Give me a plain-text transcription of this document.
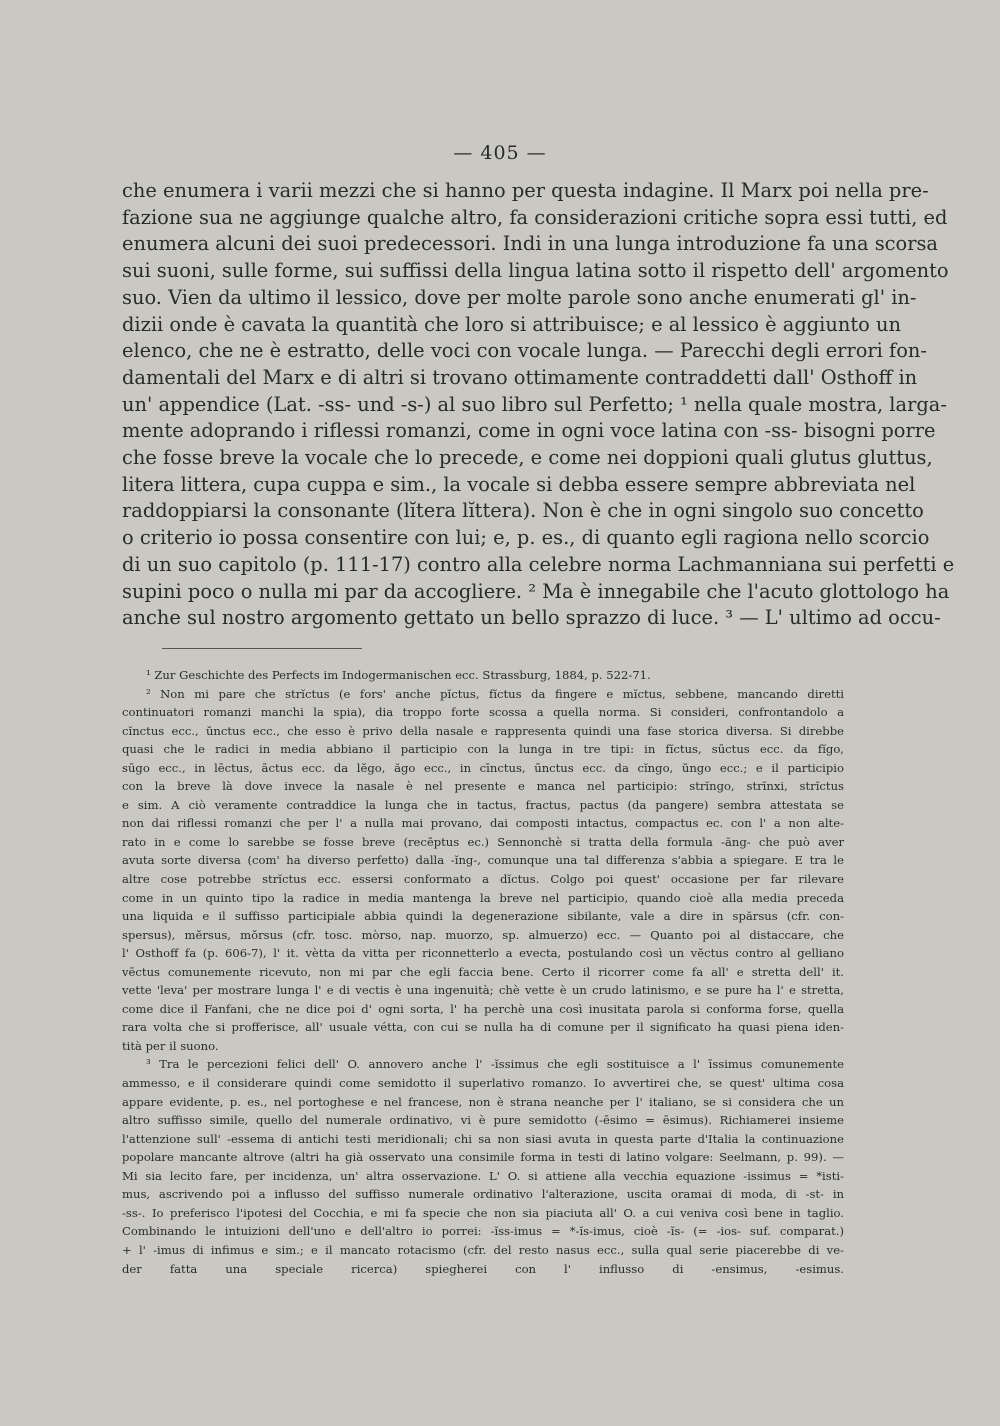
— 405 —
che enumera i varii mezzi che si hanno per questa indagine. Il Marx poi nella pre-
fazione sua ne aggiunge qualche altro, fa considerazioni critiche sopra essi tutti, ed
enumera alcuni dei suoi predecessori. Indi in una lunga introduzione fa una scorsa
sui suoni, sulle forme, sui suffissi della lingua latina sotto il rispetto dell' argomento
suo. Vien da ultimo il lessico, dove per molte parole sono anche enumerati gl' in-
dizii onde è cavata la quantità che loro si attribuisce; e al lessico è aggiunto un
elenco, che ne è estratto, delle voci con vocale lunga. — Parecchi degli errori fon-
damentali del Marx e di altri si trovano ottimamente contraddetti dall' Osthoff in
un' appendice (Lat. -ss- und -s-) al suo libro sul Perfetto; ¹ nella quale mostra, larga-
mente adoprando i riflessi romanzi, come in ogni voce latina con -ss- bisogni porre
che fosse breve la vocale che lo precede, e come nei doppioni quali glutus gluttus,
litera littera, cupa cuppa e sim., la vocale si debba essere sempre abbreviata nel
raddoppiarsi la consonante (lĭtera lĭttera). Non è che in ogni singolo suo concetto
o criterio io possa consentire con lui; e, p. es., di quanto egli ragiona nello scorcio
di un suo capitolo (p. 111-17) contro alla celebre norma Lachmanniana sui perfetti e
supini poco o nulla mi par da accogliere. ² Ma è innegabile che l'acuto glottologo ha
anche sul nostro argomento gettato un bello sprazzo di luce. ³ — L' ultimo ad occu-
¹ Zur Geschichte des Perfects im Indogermanischen ecc. Strassburg, 1884, p. 522-71.
² Non mi pare che strĭctus (e fors' anche pĭctus, fĭctus da fingere e mĭctus, sebbene, mancando diretti
continuatori romanzi manchi la spia), dia troppo forte scossa a quella norma. Si consideri, confrontandolo a
cĭnctus ecc., ŭnctus ecc., che esso è privo della nasale e rappresenta quindi una fase storica diversa. Si direbbe
quasi che le radici in media abbiano il participio con la lunga in tre tipi: in fĭctus, sūctus ecc. da fĭgo,
sūgo ecc., in lēctus, āctus ecc. da lĕgo, ăgo ecc., in cīnctus, ūnctus ecc. da cĭngo, ŭngo ecc.; e il participio
con la breve là dove invece la nasale è nel presente e manca nel participio: strĭngo, strĭnxi, strĭctus
e sim. A ciò veramente contraddice la lunga che in tactus, fractus, pactus (da pangere) sembra attestata se
non dai riflessi romanzi che per l' a nulla mai provano, dai composti intactus, compactus ec. con l' a non alte-
rato in e come lo sarebbe se fosse breve (recĕptus ec.) Sennonchè si tratta della formula -ăng- che può aver
avuta sorte diversa (com' ha diverso perfetto) dalla -ĭng-, comunque una tal differenza s'abbia a spiegare. E tra le
altre cose potrebbe strĭctus ecc. essersi conformato a dĭctus. Colgo poi quest' occasione per far rilevare
come in un quinto tipo la radice in media mantenga la breve nel participio, quando cioè alla media preceda
una liquida e il suffisso participiale abbia quindi la degenerazione sibilante, vale a dire in spărsus (cfr. con-
spersus), mĕrsus, mŏrsus (cfr. tosc. mòrso, nap. muorzo, sp. almuerzo) ecc. — Quanto poi al distaccare, che
l' Osthoff fa (p. 606-7), l' it. vètta da vitta per riconnetterlo a evecta, postulando così un vĕctus contro al gelliano
vēctus comunemente ricevuto, non mi par che egli faccia bene. Certo il ricorrer come fa all' e stretta dell' it.
vette 'leva' per mostrare lunga l' e di vectis è una ingenuità; chè vette è un crudo latinismo, e se pure ha l' e stretta,
come dice il Fanfani, che ne dice poi d' ogni sorta, l' ha perchè una così inusitata parola si conforma forse, quella
rara volta che si profferisce, all' usuale vétta, con cui se nulla ha di comune per il significato ha quasi piena iden-
tità per il suono.
³ Tra le percezioni felici dell' O. annovero anche l' -ĭssimus che egli sostituisce a l' īssimus comunemente
ammesso, e il considerare quindi come semidotto il superlativo romanzo. Io avvertirei che, se quest' ultima cosa
appare evidente, p. es., nel portoghese e nel francese, non è strana neanche per l' italiano, se si considera che un
altro suffisso simile, quello del numerale ordinativo, vi è pure semidotto (-ēsimo = ēsimus). Richiamerei insieme
l'attenzione sull' -essema di antichi testi meridionali; chi sa non siasi avuta in questa parte d'Italia la continuazione
popolare mancante altrove (altri ha già osservato una consimile forma in testi di latino volgare: Seelmann, p. 99). —
Mi sia lecito fare, per incidenza, un' altra osservazione. L' O. si attiene alla vecchia equazione -issimus = *isti-
mus, ascrivendo poi a influsso del suffisso numerale ordinativo l'alterazione, uscita oramai di moda, di -st- in
-ss-. Io preferisco l'ipotesi del Cocchia, e mi fa specie che non sia piaciuta all' O. a cui veniva così bene in taglio.
Combinando le intuizioni dell'uno e dell'altro io porrei: -ĭss-imus = *-ĭs-imus, cioè -ĭs- (= -ios- suf. comparat.)
+ l' -imus di infimus e sim.; e il mancato rotacismo (cfr. del resto nasus ecc., sulla qual serie piacerebbe di ve-
der fatta una speciale ricerca) spiegherei con l' influsso di -ensimus, -esimus.
